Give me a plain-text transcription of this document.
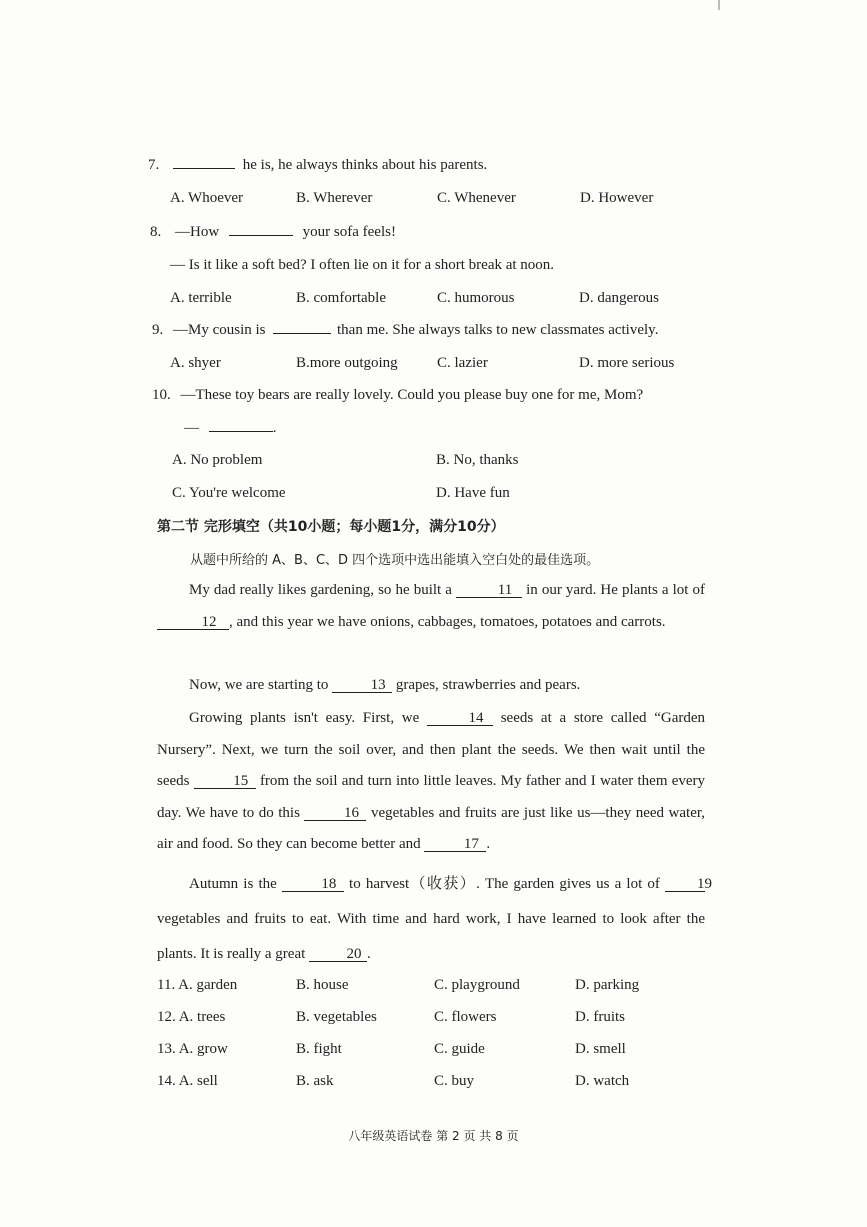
7.	he is, he always thinks about his parents.
A. Whoever	B. Wherever	C. Whenever	D. However
8. —How	your sofa feels!
— Is it like a soft bed? I often lie on it for a short break at noon.
A. terrible	B. comfortable	C. humorous	D. dangerous
9. —My cousin is	than me. She always talks to new classmates actively.
A. shyer	B.more outgoing	C. lazier	D. more serious
10. —These toy bears are really lovely. Could you please buy one for me, Mom?
—	.
A. No problem	B. No, thanks
C. You're welcome	D. Have fun
第二节 完形填空（共10小题；每小题1分，满分10分）
从题中所给的 A、B、C、D 四个选项中选出能填入空白处的最佳选项。
My dad really likes gardening, so he built a	11 in our yard. He plants a lot of 12 , and this year we have onions, cabbages, tomatoes, potatoes and carrots.
Now, we are starting to	13 grapes, strawberries and pears.
Growing plants isn't easy. First, we	14 seeds at a store called “Garden Nursery”. Next, we turn the soil over, and then plant the seeds. We then wait until the seeds	15 from the soil and turn into little leaves. My father and I water them every day. We have to do this	16 vegetables and fruits are just like us—they need water, air and food. So they can become better and	17 .
Autumn is the	18 to harvest（收获）. The garden gives us a lot of 19 vegetables and fruits to eat. With time and hard work, I have learned to look after the plants. It is really a great	20 .
11. A. garden	B. house	C. playground	D. parking
12. A. trees	B. vegetables	C. flowers	D. fruits
13. A. grow	B. fight	C. guide	D. smell
14. A. sell	B. ask	C. buy	D. watch
八年级英语试卷 第 2 页 共 8 页
